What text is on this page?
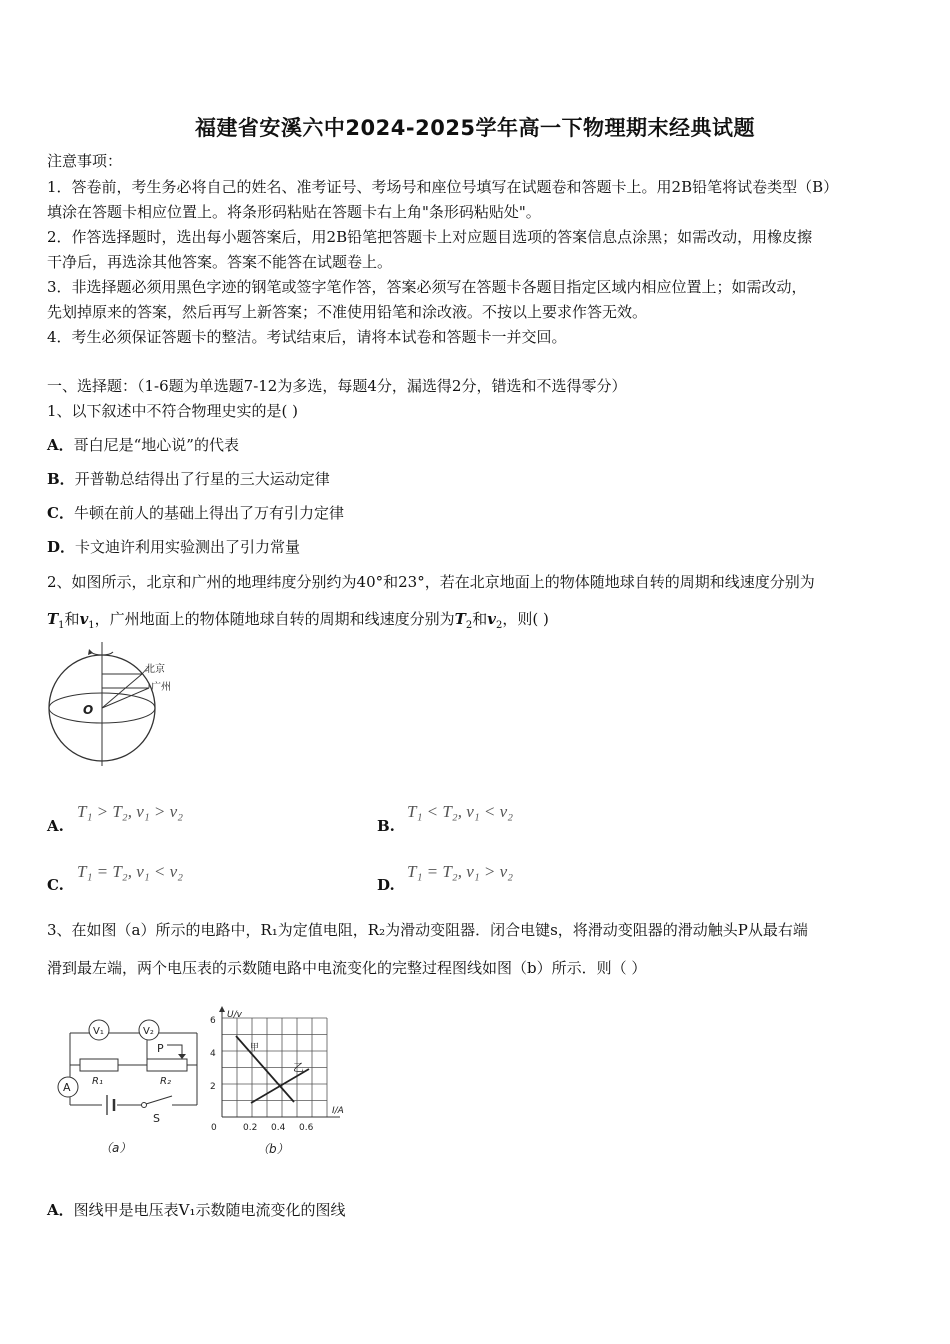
福建省安溪六中2024-2025学年高一下物理期末经典试题
注意事项：
1．答卷前，考生务必将自己的姓名、准考证号、考场号和座位号填写在试题卷和答题卡上。用2B铅笔将试卷类型（B）
填涂在答题卡相应位置上。将条形码粘贴在答题卡右上角"条形码粘贴处"。
2．作答选择题时，选出每小题答案后，用2B铅笔把答题卡上对应题目选项的答案信息点涂黑；如需改动，用橡皮擦
干净后，再选涂其他答案。答案不能答在试题卷上。
3．非选择题必须用黑色字迹的钢笔或签字笔作答，答案必须写在答题卡各题目指定区域内相应位置上；如需改动，
先划掉原来的答案，然后再写上新答案；不准使用铅笔和涂改液。不按以上要求作答无效。
4．考生必须保证答题卡的整洁。考试结束后，请将本试卷和答题卡一并交回。
一、选择题：（1-6题为单选题7-12为多选，每题4分，漏选得2分，错选和不选得零分）
1、以下叙述中不符合物理史实的是( )
A．哥白尼是“地心说”的代表
B．开普勒总结得出了行星的三大运动定律
C．牛顿在前人的基础上得出了万有引力定律
D．卡文迪许利用实验测出了引力常量
2、如图所示，北京和广州的地理纬度分别约为40°和23°，若在北京地面上的物体随地球自转的周期和线速度分别为
$T_1$和$v_1$，广州地面上的物体随地球自转的周期和线速度分别为$T_2$和$v_2$，则( )
北京
广州
O
A.
T₁ > T₂, v₁ > v₂
B.
T₁ < T₂, v₁ < v₂
C.
T₁ = T₂, v₁ < v₂
D.
T₁ = T₂, v₁ > v₂
3、在如图（a）所示的电路中，R₁为定值电阻，R₂为滑动变阻器．闭合电键s，将滑动变阻器的滑动触头P从最右端
滑到最左端，两个电压表的示数随电路中电流变化的完整过程图线如图（b）所示．则（ ）
V₁	V₂
R₁	R₂
P
A
S
（a）
U/v
I/A
6
4
2
0	0.2 0.4 0.6
甲
乙
（b）
A．图线甲是电压表V₁示数随电流变化的图线
